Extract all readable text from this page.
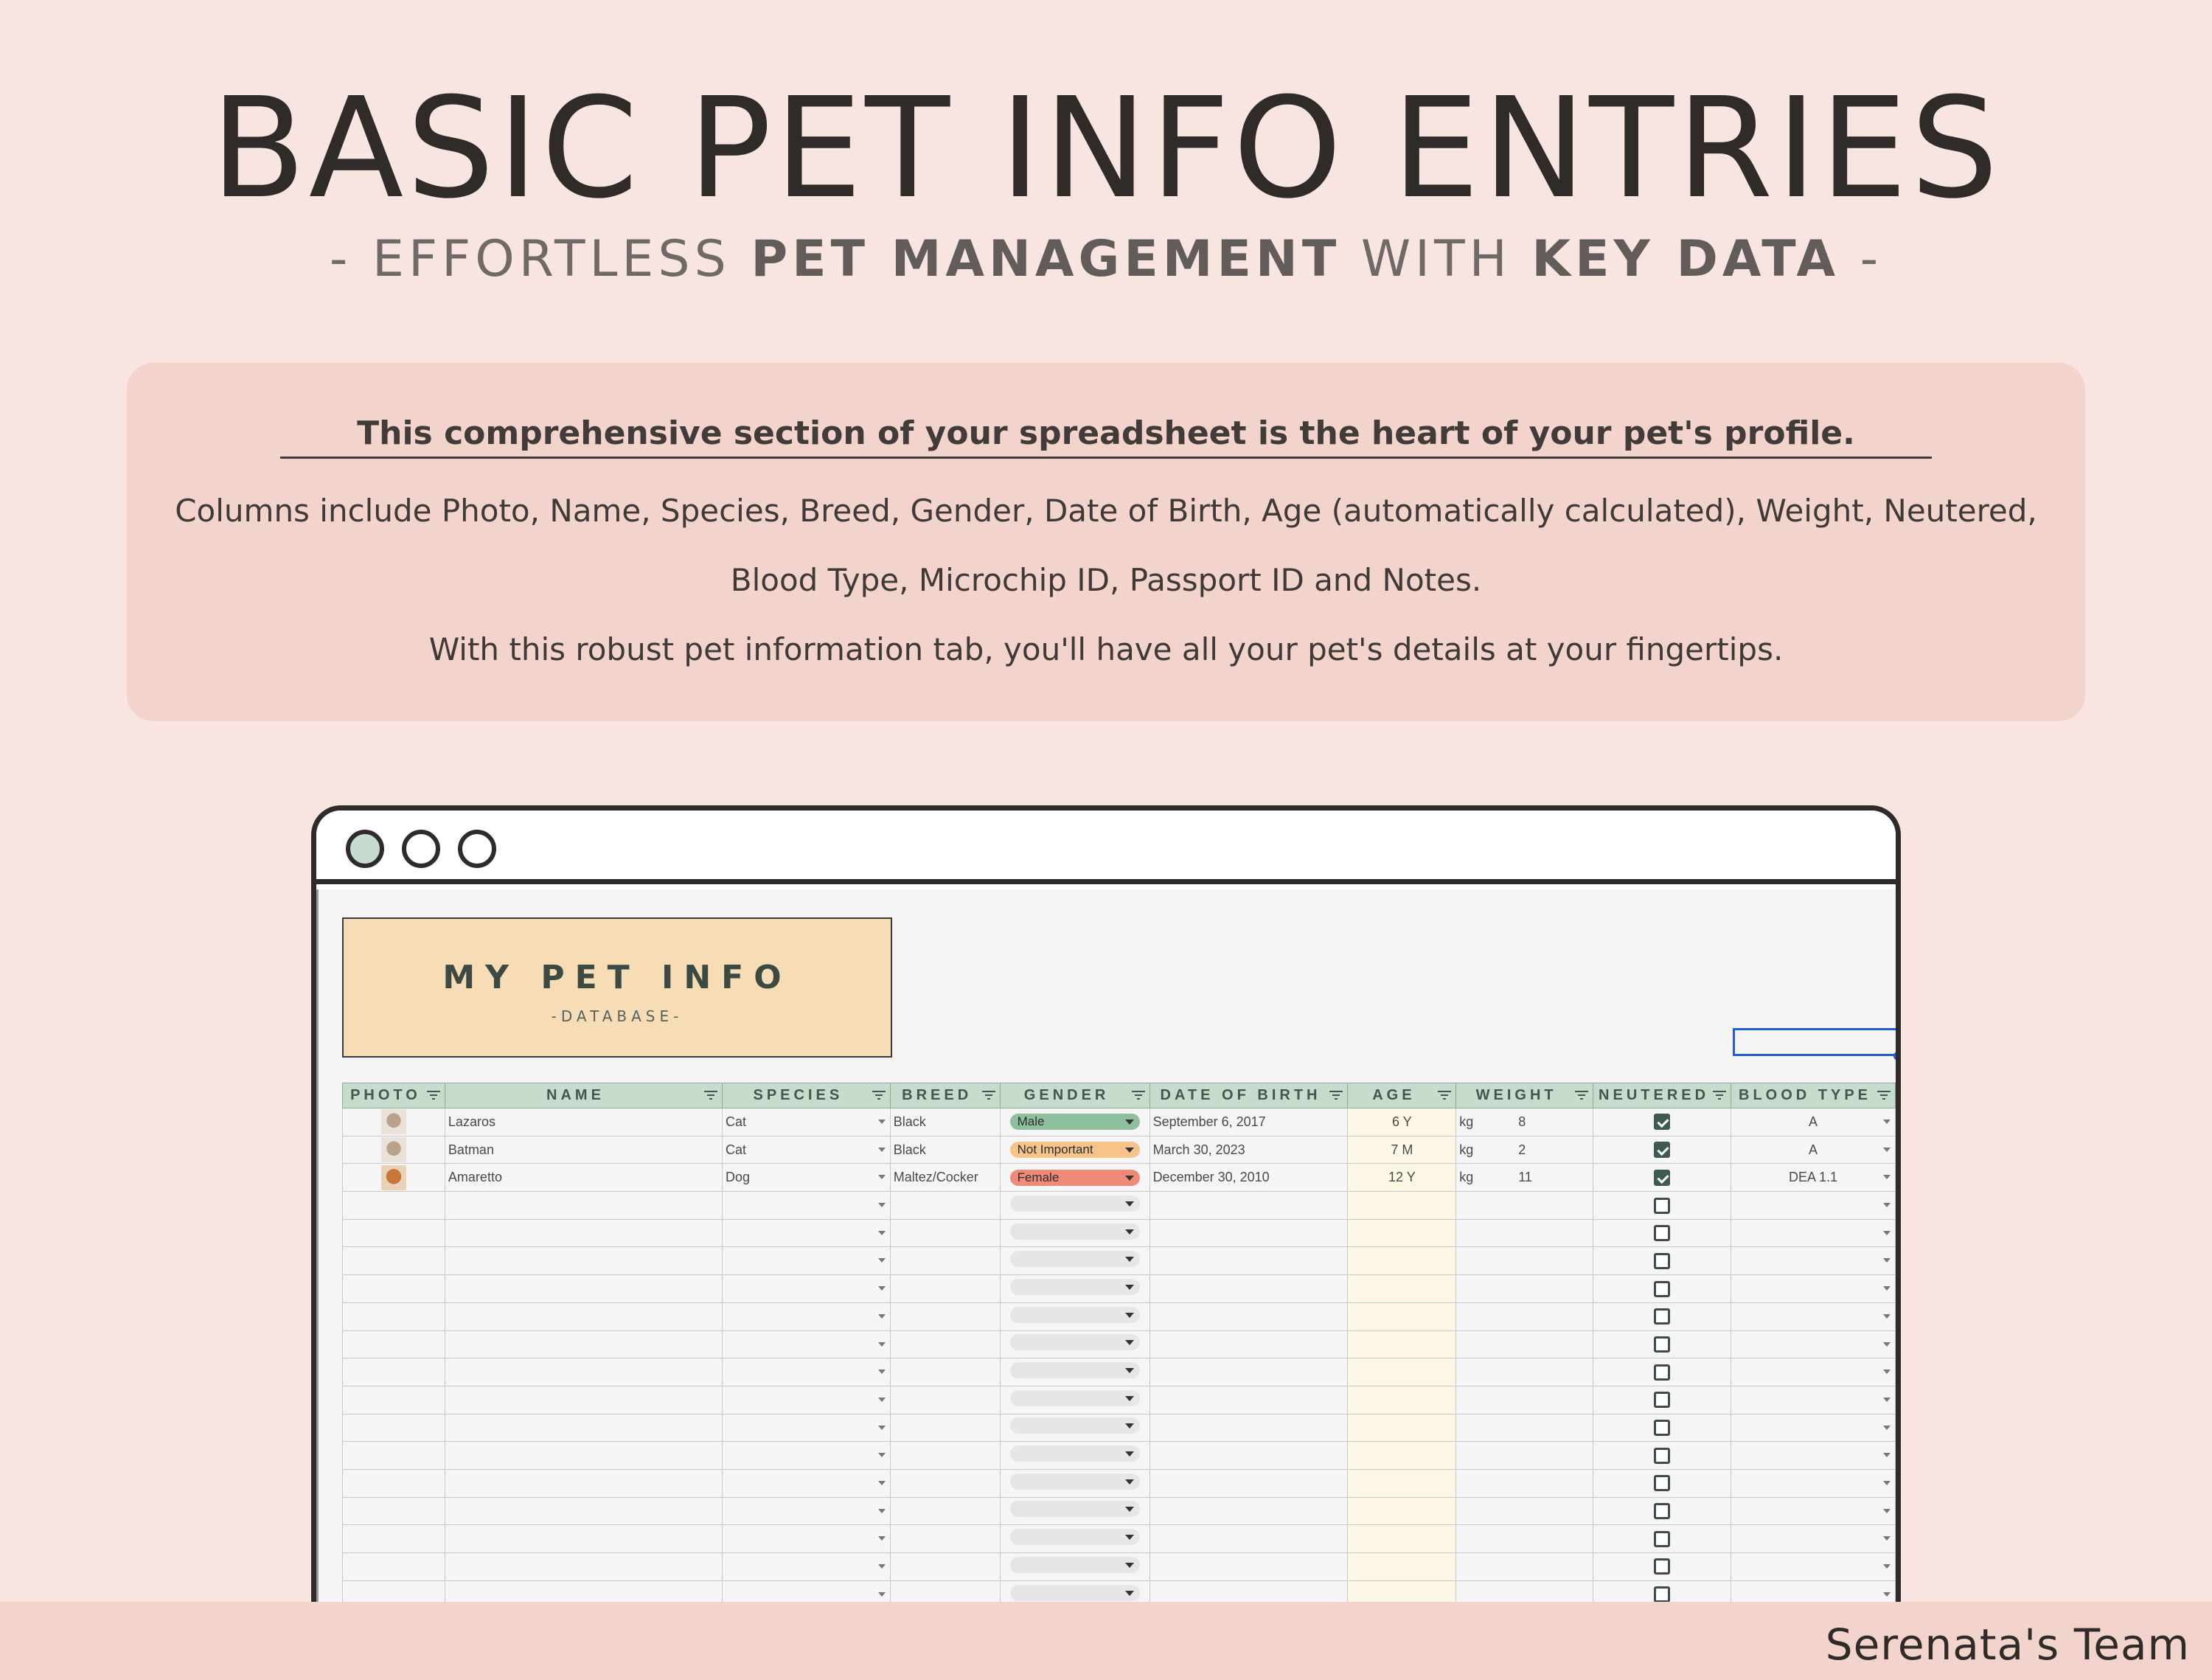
BASIC PET INFO ENTRIES
- EFFORTLESS PET MANAGEMENT WITH KEY DATA -
This comprehensive section of your spreadsheet is the heart of your pet's profile.
Columns include Photo, Name, Species, Breed, Gender, Date of Birth, Age (automatically calculated), Weight, Neutered,
Blood Type, Microchip ID, Passport ID and Notes.
With this robust pet information tab, you'll have all your pet's details at your fingertips.
MY PET INFO
-DATABASE-
PHOTO	NAME	SPECIES	BREED	GENDER	DATE OF BIRTH	AGE	WEIGHT	NEUTERED	BLOOD TYPE

	Lazaros	Cat	Black	Male	September 6, 2017	6 Y	kg 8		A

	Batman	Cat	Black	Not Important	March 30, 2023	7 M	kg 2		A

	Amaretto	Dog	Maltez/Cocker	Female	December 30, 2010	12 Y	kg 11		DEA 1.1

Serenata's Team
